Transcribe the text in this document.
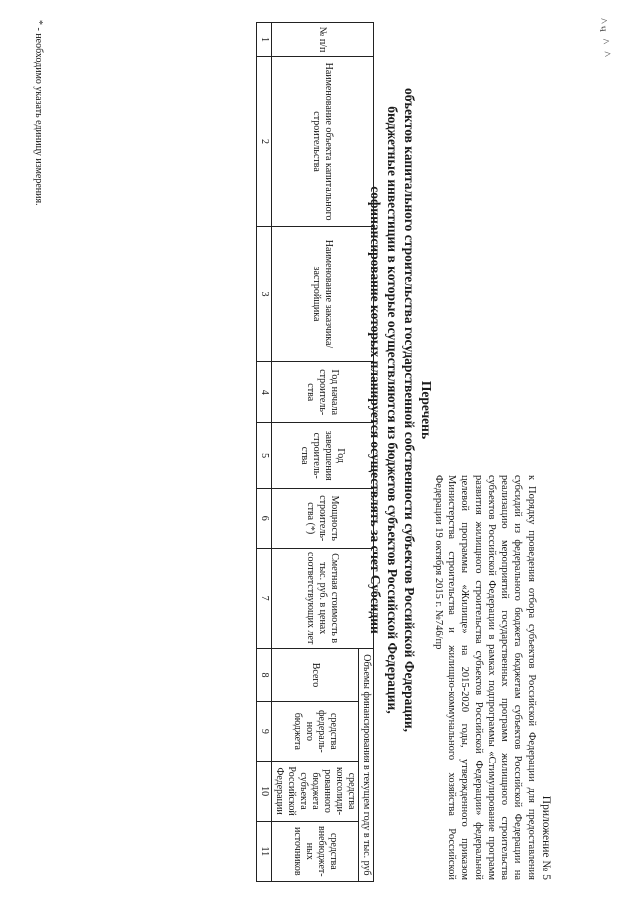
^ч ^ ^
Приложение № 5
к Порядку проведения отбора субъектов Российской Федерации для предоставления субсидий из федерального бюджета бюджетам субъектов Российской Федерации на реализацию мероприятий государственных программ жилищного строительства субъектов Российской Федерации в рамках подпрограммы «Стимулирование программ развития жилищного строительства субъектов Российской Федерации» федеральной целевой программы «Жилище» на 2015-2020 годы, утвержденного приказом Министерства строительства и жилищно-коммунального хозяйства Российской Федерации 19 октября 2015 г. №746/пр
Перечень
объектов капитального строительства государственной собственности субъектов Российской Федерации, бюджетные инвестиции в которые осуществляются из бюджетов субъектов Российской Федерации, софинансирование которых планируется осуществлять за счет Субсидии
№ п/п	Наименование объекта капитального строительства	Наименование заказчика/ застройщика	Год начала строитель-ства	Год завершения строитель-ства	Мощность строитель-ства (*)	Сметная стоимость в тыс. руб. в ценах соответствующих лет	Объемы финансирования в текущем году в тыс. руб			
							Всего	средства федераль-ного бюджета	средства консолиди-рованного бюджета субъекта Российской Федерации	средства внебюджет-ных источников
1	2	3	4	5	6	7	8	9	10	11
* - необходимо указать единицу измерения.
